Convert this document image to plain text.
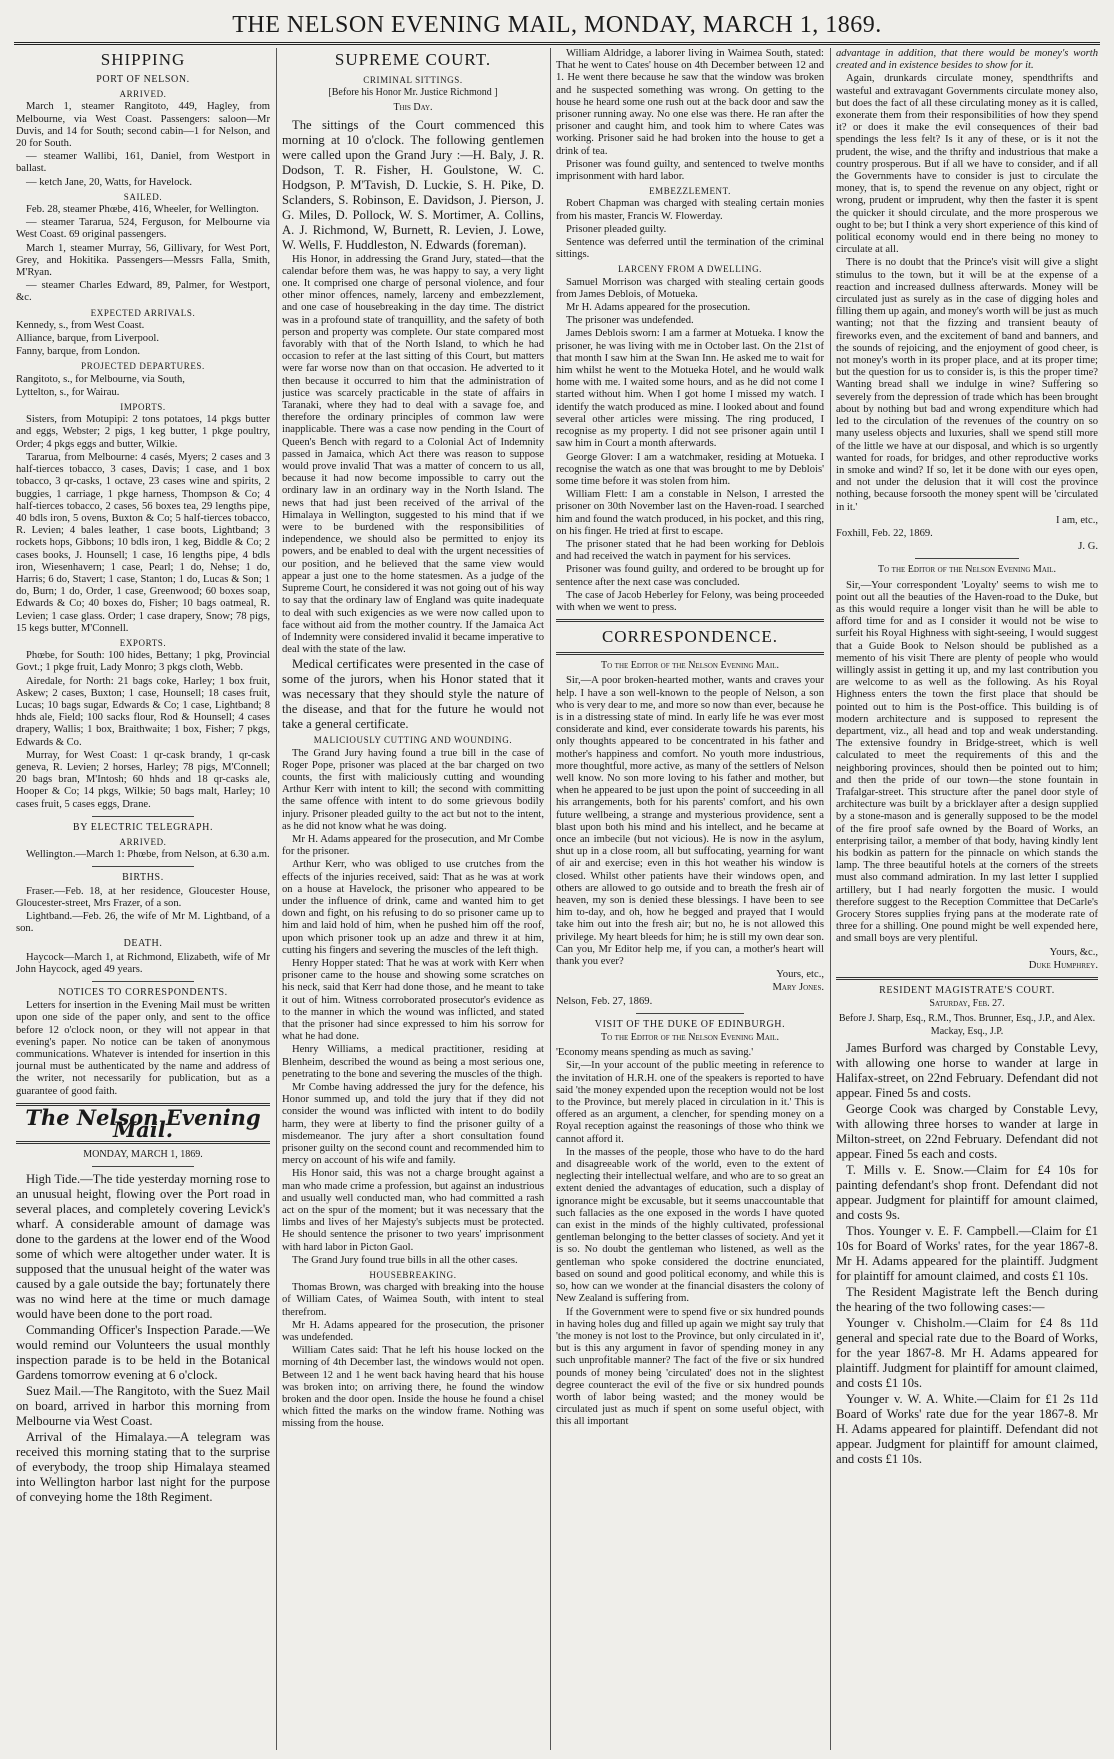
THE NELSON EVENING MAIL, MONDAY, MARCH 1, 1869.
SHIPPING
PORT OF NELSON.
ARRIVED.

March 1, steamer Rangitoto, 449, Hagley, from Melbourne, via West Coast. Passengers: saloon—Mr Duvis, and 14 for South; second cabin—1 for Nelson, and 20 for South.

— steamer Wallibi, 161, Daniel, from Westport in ballast.

— ketch Jane, 20, Watts, for Havelock.

SAILED.

Feb. 28, steamer Phœbe, 416, Wheeler, for Wellington.

— steamer Tararua, 524, Ferguson, for Melbourne via West Coast. 69 original passengers.

March 1, steamer Murray, 56, Gillivary, for West Port, Grey, and Hokitika. Passengers—Messrs Falla, Smith, M'Ryan.

— steamer Charles Edward, 89, Palmer, for Westport, &c.

EXPECTED ARRIVALS.

Kennedy, s., from West Coast.

Alliance, barque, from Liverpool.

Fanny, barque, from London.

PROJECTED DEPARTURES.

Rangitoto, s., for Melbourne, via South,

Lyttelton, s., for Wairau.

IMPORTS.

Sisters, from Motupipi: 2 tons potatoes, 14 pkgs butter and eggs, Webster; 2 pigs, 1 keg butter, 1 pkge poultry, Order; 4 pkgs eggs and butter, Wilkie.

Tararua, from Melbourne: 4 casés, Myers; 2 cases and 3 half-tierces tobacco, 3 cases, Davis; 1 case, and 1 box tobacco, 3 qr-casks, 1 octave, 23 cases wine and spirits, 2 buggies, 1 carriage, 1 pkge harness, Thompson & Co; 4 half-tierces tobacco, 2 cases, 56 boxes tea, 29 lengths pipe, 40 bdls iron, 5 ovens, Buxton & Co; 5 half-tierces tobacco, R. Levien; 4 bales leather, 1 case boots, Lightband; 3 rockets hops, Gibbons; 10 bdls iron, 1 keg, Biddle & Co; 2 cases books, J. Hounsell; 1 case, 16 lengths pipe, 4 bdls iron, Wiesenhavern; 1 case, Pearl; 1 do, Nehse; 1 do, Harris; 6 do, Stavert; 1 case, Stanton; 1 do, Lucas & Son; 1 do, Burn; 1 do, Order, 1 case, Greenwood; 60 boxes soap, Edwards & Co; 40 boxes do, Fisher; 10 bags oatmeal, R. Levien; 1 case glass. Order; 1 case drapery, Snow; 78 pigs, 15 kegs butter, M'Connell.

EXPORTS.

Phœbe, for South: 100 hides, Bettany; 1 pkg, Provincial Govt.; 1 pkge fruit, Lady Monro; 3 pkgs cloth, Webb.

Airedale, for North: 21 bags coke, Harley; 1 box fruit, Askew; 2 cases, Buxton; 1 case, Hounsell; 18 cases fruit, Lucas; 10 bags sugar, Edwards & Co; 1 case, Lightband; 8 hhds ale, Field; 100 sacks flour, Rod & Hounsell; 4 cases drapery, Wallis; 1 box, Braithwaite; 1 box, Fisher; 7 pkgs, Edwards & Co.

Murray, for West Coast: 1 qr-cask brandy, 1 qr-cask geneva, R. Levien; 2 horses, Harley; 78 pigs, M'Connell; 20 bags bran, M'Intosh; 60 hhds and 18 qr-casks ale, Hooper & Co; 14 pkgs, Wilkie; 50 bags malt, Harley; 10 cases fruit, 5 cases eggs, Drane.

BY ELECTRIC TELEGRAPH.
ARRIVED.

Wellington.—March 1: Phœbe, from Nelson, at 6.30 a.m.

BIRTHS.

Fraser.—Feb. 18, at her residence, Gloucester House, Gloucester-street, Mrs Frazer, of a son.

Lightband.—Feb. 26, the wife of Mr M. Lightband, of a son.

DEATH.

Haycock—March 1, at Richmond, Elizabeth, wife of Mr John Haycock, aged 49 years.

NOTICES TO CORRESPONDENTS.

Letters for insertion in the Evening Mail must be written upon one side of the paper only, and sent to the office before 12 o'clock noon, or they will not appear in that evening's paper. No notice can be taken of anonymous communications. Whatever is intended for insertion in this journal must be authenticated by the name and address of the writer, not necessarily for publication, but as a guarantee of good faith.

The Nelson Evening Mail.
MONDAY, MARCH 1, 1869.

High Tide.—The tide yesterday morning rose to an unusual height, flowing over the Port road in several places, and completely covering Levick's wharf. A considerable amount of damage was done to the gardens at the lower end of the Wood some of which were altogether under water. It is supposed that the unusual height of the water was caused by a gale outside the bay; fortunately there was no wind here at the time or much damage would have been done to the port road.

Commanding Officer's Inspection Parade.—We would remind our Volunteers the usual monthly inspection parade is to be held in the Botanical Gardens tomorrow evening at 6 o'clock.

Suez Mail.—The Rangitoto, with the Suez Mail on board, arrived in harbor this morning from Melbourne via West Coast.

Arrival of the Himalaya.—A telegram was received this morning stating that to the surprise of everybody, the troop ship Himalaya steamed into Wellington harbor last night for the purpose of conveying home the 18th Regiment.

SUPREME COURT.
CRIMINAL SITTINGS.
[Before his Honor Mr. Justice Richmond ]
This Day.

The sittings of the Court commenced this morning at 10 o'clock. The following gentlemen were called upon the Grand Jury :—H. Baly, J. R. Dodson, T. R. Fisher, H. Goulstone, W. C. Hodgson, P. M'Tavish, D. Luckie, S. H. Pike, D. Sclanders, S. Robinson, E. Davidson, J. Pierson, J. G. Miles, D. Pollock, W. S. Mortimer, A. Collins, A. J. Richmond, W, Burnett, R. Levien, J. Lowe, W. Wells, F. Huddleston, N. Edwards (foreman).

His Honor, in addressing the Grand Jury, stated—that the calendar before them was, he was happy to say, a very light one. It comprised one charge of personal violence, and four other minor offences, namely, larceny and embezzlement, and one case of housebreaking in the day time. The district was in a profound state of tranquillity, and the safety of both person and property was complete. Our state compared most favorably with that of the North Island, to which he had occasion to refer at the last sitting of this Court, but matters were far worse now than on that occasion. He adverted to it then because it occurred to him that the administration of justice was scarcely practicable in the state of affairs in Taranaki, where they had to deal with a savage foe, and therefore the ordinary principles of common law were inapplicable. There was a case now pending in the Court of Queen's Bench with regard to a Colonial Act of Indemnity passed in Jamaica, which Act there was reason to suppose would prove invalid That was a matter of concern to us all, because it had now become impossible to carry out the ordinary law in an ordinary way in the North Island. The news that had just been received of the arrival of the Himalaya in Wellington, suggested to his mind that if we were to be burdened with the responsibilities of independence, we should also be permitted to enjoy its powers, and be enabled to deal with the urgent necessities of our position, and he believed that the same view would appear a just one to the home statesmen. As a judge of the Supreme Court, he considered it was not going out of his way to say that the ordinary law of England was quite inadequate to deal with such exigencies as we were now called upon to face without aid from the mother country. If the Jamaica Act of Indemnity were considered invalid it became imperative to deal with the state of the law.

Medical certificates were presented in the case of some of the jurors, when his Honor stated that it was necessary that they should style the nature of the disease, and that for the future he would not take a general certificate.

MALICIOUSLY CUTTING AND WOUNDING.

The Grand Jury having found a true bill in the case of Roger Pope, prisoner was placed at the bar charged on two counts, the first with maliciously cutting and wounding Arthur Kerr with intent to kill; the second with committing the same offence with intent to do some grievous bodily injury. Prisoner pleaded guilty to the act but not to the intent, as he did not know what he was doing.

Mr H. Adams appeared for the prosecution, and Mr Combe for the prisoner.

Arthur Kerr, who was obliged to use crutches from the effects of the injuries received, said: That as he was at work on a house at Havelock, the prisoner who appeared to be under the influence of drink, came and wanted him to get down and fight, on his refusing to do so prisoner came up to him and laid hold of him, when he pushed him off the roof, upon which prisoner took up an adze and threw it at him, cutting his fingers and severing the muscles of the left thigh.

Henry Hopper stated: That he was at work with Kerr when prisoner came to the house and showing some scratches on his neck, said that Kerr had done those, and he meant to take it out of him. Witness corroborated prosecutor's evidence as to the manner in which the wound was inflicted, and stated that the prisoner had since expressed to him his sorrow for what he had done.

Henry Williams, a medical practitioner, residing at Blenheim, described the wound as being a most serious one, penetrating to the bone and severing the muscles of the thigh.

Mr Combe having addressed the jury for the defence, his Honor summed up, and told the jury that if they did not consider the wound was inflicted with intent to do bodily harm, they were at liberty to find the prisoner guilty of a misdemeanor. The jury after a short consultation found prisoner guilty on the second count and recommended him to mercy on account of his wife and family.

His Honor said, this was not a charge brought against a man who made crime a profession, but against an industrious and usually well conducted man, who had committed a rash act on the spur of the moment; but it was necessary that the limbs and lives of her Majesty's subjects must be protected. He should sentence the prisoner to two years' imprisonment with hard labor in Picton Gaol.

The Grand Jury found true bills in all the other cases.

HOUSEBREAKING.

Thomas Brown, was charged with breaking into the house of William Cates, of Waimea South, with intent to steal therefrom.

Mr H. Adams appeared for the prosecution, the prisoner was undefended.

William Cates said: That he left his house locked on the morning of 4th December last, the windows would not open. Between 12 and 1 he went back having heard that his house was broken into; on arriving there, he found the window broken and the door open. Inside the house he found a chisel which fitted the marks on the window frame. Nothing was missing from the house.

William Aldridge, a laborer living in Waimea South, stated: That he went to Cates' house on 4th December between 12 and 1. He went there because he saw that the window was broken and he suspected something was wrong. On getting to the house he heard some one rush out at the back door and saw the prisoner running away. No one else was there. He ran after the prisoner and caught him, and took him to where Cates was working. Prisoner said he had broken into the house to get a drink of tea.

Prisoner was found guilty, and sentenced to twelve months imprisonment with hard labor.

EMBEZZLEMENT.

Robert Chapman was charged with stealing certain monies from his master, Francis W. Flowerday.

Prisoner pleaded guilty.

Sentence was deferred until the termination of the criminal sittings.

LARCENY FROM A DWELLING.

Samuel Morrison was charged with stealing certain goods from James Deblois, of Motueka.

Mr H. Adams appeared for the prosecution.

The prisoner was undefended.

James Deblois sworn: I am a farmer at Motueka. I know the prisoner, he was living with me in October last. On the 21st of that month I saw him at the Swan Inn. He asked me to wait for him whilst he went to the Motueka Hotel, and he would walk home with me. I waited some hours, and as he did not come I started without him. When I got home I missed my watch. I identify the watch produced as mine. I looked about and found several other articles were missing. The ring produced, I recognise as my property. I did not see prisoner again until I saw him in Court a month afterwards.

George Glover: I am a watchmaker, residing at Motueka. I recognise the watch as one that was brought to me by Deblois' some time before it was stolen from him.

William Flett: I am a constable in Nelson, I arrested the prisoner on 30th November last on the Haven-road. I searched him and found the watch produced, in his pocket, and this ring, on his finger. He tried at first to escape.

The prisoner stated that he had been working for Deblois and had received the watch in payment for his services.

Prisoner was found guilty, and ordered to be brought up for sentence after the next case was concluded.

The case of Jacob Heberley for Felony, was being proceeded with when we went to press.

CORRESPONDENCE.
To the Editor of the Nelson Evening Mail.

Sir,—A poor broken-hearted mother, wants and craves your help. I have a son well-known to the people of Nelson, a son who is very dear to me, and more so now than ever, because he is in a distressing state of mind. In early life he was ever most considerate and kind, ever considerate towards his parents, his only thoughts appeared to be concentrated in his father and mother's happiness and comfort. No youth more industrious, more thoughtful, more active, as many of the settlers of Nelson well know. No son more loving to his father and mother, but when he appeared to be just upon the point of succeeding in all his arrangements, both for his parents' comfort, and his own future wellbeing, a strange and mysterious providence, sent a blast upon both his mind and his intellect, and he became at once an imbecile (but not vicious). He is now in the asylum, shut up in a close room, all but suffocating, yearning for want of air and exercise; even in this hot weather his window is closed. Whilst other patients have their windows open, and others are allowed to go outside and to breath the fresh air of heaven, my son is denied these blessings. I have been to see him to-day, and oh, how he begged and prayed that I would take him out into the fresh air; but no, he is not allowed this privilege. My heart bleeds for him; he is still my own dear son. Can you, Mr Editor help me, if you can, a mother's heart will thank you ever?

Yours, etc.,

Mary Jones.

Nelson, Feb. 27, 1869.

VISIT OF THE DUKE OF EDINBURGH.
To the Editor of the Nelson Evening Mail.

'Economy means spending as much as saving.'

Sir,—In your account of the public meeting in reference to the invitation of H.R.H. one of the speakers is reported to have said 'the money expended upon the reception would not be lost to the Province, but merely placed in circulation in it.' This is offered as an argument, a clencher, for spending money on a Royal reception against the reasonings of those who think we cannot afford it.

In the masses of the people, those who have to do the hard and disagreeable work of the world, even to the extent of neglecting their intellectual welfare, and who are to so great an extent denied the advantages of education, such a display of ignorance might be excusable, but it seems unaccountable that such fallacies as the one exposed in the words I have quoted can exist in the minds of the highly cultivated, professional gentleman belonging to the better classes of society. And yet it is so. No doubt the gentleman who listened, as well as the gentleman who spoke considered the doctrine enunciated, based on sound and good political economy, and while this is so, how can we wonder at the financial disasters the colony of New Zealand is suffering from.

If the Government were to spend five or six hundred pounds in having holes dug and filled up again we might say truly that 'the money is not lost to the Province, but only circulated in it', but is this any argument in favor of spending money in any such unprofitable manner? The fact of the five or six hundred pounds of money being 'circulated' does not in the slightest degree counteract the evil of the five or six hundred pounds worth of labor being wasted; and the money would be circulated just as much if spent on some useful object, with this all important

advantage in addition, that there would be money's worth created and in existence besides to show for it.

Again, drunkards circulate money, spendthrifts and wasteful and extravagant Governments circulate money also, but does the fact of all these circulating money as it is called, exonerate them from their responsibilities of how they spend it? or does it make the evil consequences of their bad spendings the less felt? Is it any of these, or is it not the prudent, the wise, and the thrifty and industrious that make a country prosperous. But if all we have to consider, and if all the Governments have to consider is just to circulate the money, that is, to spend the revenue on any object, right or wrong, prudent or imprudent, why then the faster it is spent the quicker it should circulate, and the more prosperous we ought to be; but I think a very short experience of this kind of political economy would end in there being no money to circulate at all.

There is no doubt that the Prince's visit will give a slight stimulus to the town, but it will be at the expense of a reaction and increased dullness afterwards. Money will be circulated just as surely as in the case of digging holes and filling them up again, and money's worth will be just as much wanting; not that the fizzing and transient beauty of fireworks even, and the excitement of band and banners, and the sounds of rejoicing, and the enjoyment of good cheer, is not money's worth in its proper place, and at its proper time; but the question for us to consider is, is this the proper time? Wanting bread shall we indulge in wine? Suffering so severely from the depression of trade which has been brought about by nothing but bad and wrong expenditure which had led to the circulation of the revenues of the country on so many useless objects and luxuries, shall we spend still more of the little we have at our disposal, and which is so urgently wanted for roads, for bridges, and other reproductive works in smoke and wind? If so, let it be done with our eyes open, and not under the delusion that it will cost the province nothing, because forsooth the money spent will be 'circulated in it.'

I am, etc.,

Foxhill, Feb. 22, 1869.

J. G.

To the Editor of the Nelson Evening Mail.

Sir,—Your correspondent 'Loyalty' seems to wish me to point out all the beauties of the Haven-road to the Duke, but as this would require a longer visit than he will be able to afford time for and as I consider it would not be wise to surfeit his Royal Highness with sight-seeing, I would suggest that a Guide Book to Nelson should be published as a memento of his visit There are plenty of people who would willingly assist in getting it up, and my last contribution you are welcome to as well as the following. As his Royal Highness enters the town the first place that should be pointed out to him is the Post-office. This building is of modern architecture and is supposed to represent the department, viz., all head and top and weak understanding. The extensive foundry in Bridge-street, which is well calculated to meet the requirements of this and the neighboring provinces, should then be pointed out to him; and then the pride of our town—the stone fountain in Trafalgar-street. This structure after the panel door style of architecture was built by a bricklayer after a design supplied by a stone-mason and is generally supposed to be the model of the fire proof safe owned by the Board of Works, an enterprising tailor, a member of that body, having kindly lent his bodkin as pattern for the pinnacle on which stands the lamp. The three beautiful hotels at the corners of the streets must also command admiration. In my last letter I supplied artillery, but I had nearly forgotten the music. I would therefore suggest to the Reception Committee that DeCarle's Grocery Stores supplies frying pans at the moderate rate of three for a shilling. One pound might be well expended here, and small boys are very plentiful.

Yours, &c.,

Duke Humphrey.

RESIDENT MAGISTRATE'S COURT.
Saturday, Feb. 27.
Before J. Sharp, Esq., R.M., Thos. Brunner, Esq., J.P., and Alex. Mackay, Esq., J.P.

James Burford was charged by Constable Levy, with allowing one horse to wander at large in Halifax-street, on 22nd February. Defendant did not appear. Fined 5s and costs.

George Cook was charged by Constable Levy, with allowing three horses to wander at large in Milton-street, on 22nd February. Defendant did not appear. Fined 5s each and costs.

T. Mills v. E. Snow.—Claim for £4 10s for painting defendant's shop front. Defendant did not appear. Judgment for plaintiff for amount claimed, and costs 9s.

Thos. Younger v. E. F. Campbell.—Claim for £1 10s for Board of Works' rates, for the year 1867-8. Mr H. Adams appeared for the plaintiff. Judgment for plaintiff for amount claimed, and costs £1 10s.

The Resident Magistrate left the Bench during the hearing of the two following cases:—

Younger v. Chisholm.—Claim for £4 8s 11d general and special rate due to the Board of Works, for the year 1867-8. Mr H. Adams appeared for plaintiff. Judgment for plaintiff for amount claimed, and costs £1 10s.

Younger v. W. A. White.—Claim for £1 2s 11d Board of Works' rate due for the year 1867-8. Mr H. Adams appeared for plaintiff. Defendant did not appear. Judgment for plaintiff for amount claimed, and costs £1 10s.
